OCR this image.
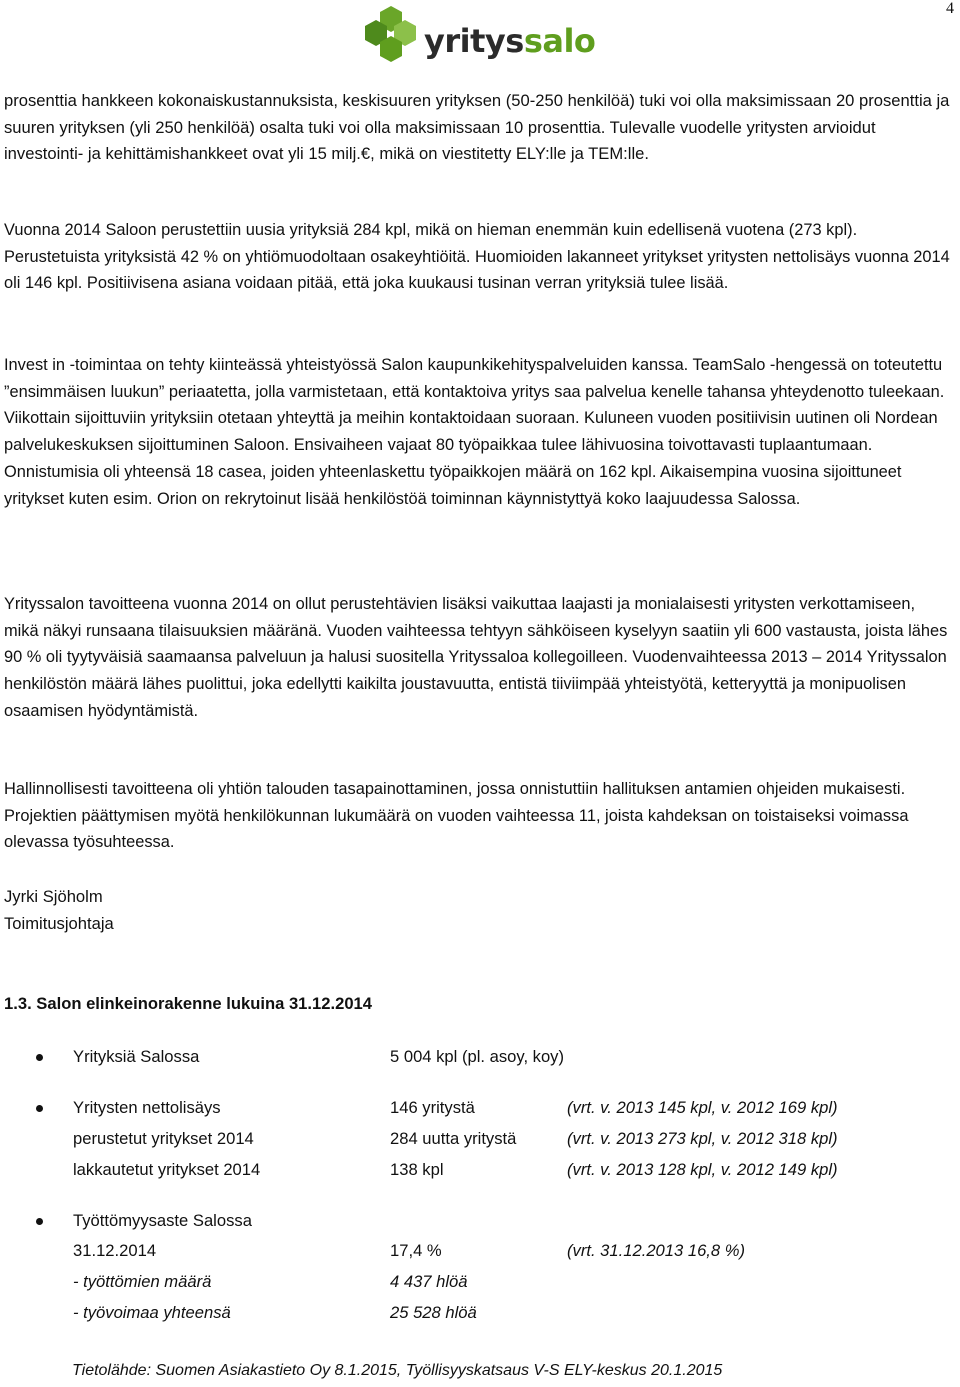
4
yrityssalo

prosenttia hankkeen kokonaiskustannuksista, keskisuuren yrityksen (50-250 henkilöä) tuki voi olla maksimissaan 20 prosenttia ja suuren yrityksen (yli 250 henkilöä) osalta tuki voi olla maksimissaan 10 prosenttia. Tulevalle vuodelle yritysten arvioidut investointi- ja kehittämishankkeet ovat yli 15 milj.€, mikä on viestitetty ELY:lle ja TEM:lle.

Vuonna 2014 Saloon perustettiin uusia yrityksiä 284 kpl, mikä on hieman enemmän kuin edellisenä vuotena (273 kpl). Perustetuista yrityksistä 42 % on yhtiömuodoltaan osakeyhtiöitä. Huomioiden lakanneet yritykset yritysten nettolisäys vuonna 2014 oli 146 kpl. Positiivisena asiana voidaan pitää, että joka kuukausi tusinan verran yrityksiä tulee lisää.

Invest in -toimintaa on tehty kiinteässä yhteistyössä Salon kaupunkikehityspalveluiden kanssa. TeamSalo -hengessä on toteutettu ”ensimmäisen luukun” periaatetta, jolla varmistetaan, että kontaktoiva yritys saa palvelua kenelle tahansa yhteydenotto tuleekaan. Viikottain sijoittuviin yrityksiin otetaan yhteyttä ja meihin kontaktoidaan suoraan. Kuluneen vuoden positiivisin uutinen oli Nordean palvelukeskuksen sijoittuminen Saloon. Ensivaiheen vajaat 80 työpaikkaa tulee lähivuosina toivottavasti tuplaantumaan. Onnistumisia oli yhteensä 18 casea, joiden yhteenlaskettu työpaikkojen määrä on 162 kpl. Aikaisempina vuosina sijoittuneet yritykset kuten esim. Orion on rekrytoinut lisää henkilöstöä toiminnan käynnistyttyä koko laajuudessa Salossa.

Yrityssalon tavoitteena vuonna 2014 on ollut perustehtävien lisäksi vaikuttaa laajasti ja monialaisesti yritysten verkottamiseen, mikä näkyi runsaana tilaisuuksien määränä. Vuoden vaihteessa tehtyyn sähköiseen kyselyyn saatiin yli 600 vastausta, joista lähes 90 % oli tyytyväisiä saamaansa palveluun ja halusi suositella Yrityssaloa kollegoilleen. Vuodenvaihteessa 2013 – 2014 Yrityssalon henkilöstön määrä lähes puolittui, joka edellytti kaikilta joustavuutta, entistä tiiviimpää yhteistyötä, ketteryyttä ja monipuolisen osaamisen hyödyntämistä.

Hallinnollisesti tavoitteena oli yhtiön talouden tasapainottaminen, jossa onnistuttiin hallituksen antamien ohjeiden mukaisesti. Projektien päättymisen myötä henkilökunnan lukumäärä on vuoden vaihteessa 11, joista kahdeksan on toistaiseksi voimassa olevassa työsuhteessa.

Jyrki Sjöholm

Toimitusjohtaja

1.3. Salon elinkeinorakenne lukuina 31.12.2014

Yrityksiä Salossa	5 004 kpl (pl. asoy, koy)
Yritysten nettolisäys	146 yritystä	(vrt. v. 2013 145 kpl, v. 2012 169 kpl)
perustetut yritykset 2014	284 uutta yritystä	(vrt. v. 2013 273 kpl, v. 2012 318 kpl)
lakkautetut yritykset 2014	138 kpl	(vrt. v. 2013 128 kpl, v. 2012 149 kpl)
Työttömyysaste Salossa
31.12.2014	17,4 %	(vrt. 31.12.2013 16,8 %)
- työttömien määrä	4 437 hlöä
- työvoimaa yhteensä	25 528 hlöä
Tietolähde: Suomen Asiakastieto Oy 8.1.2015, Työllisyyskatsaus V-S ELY-keskus 20.1.2015
